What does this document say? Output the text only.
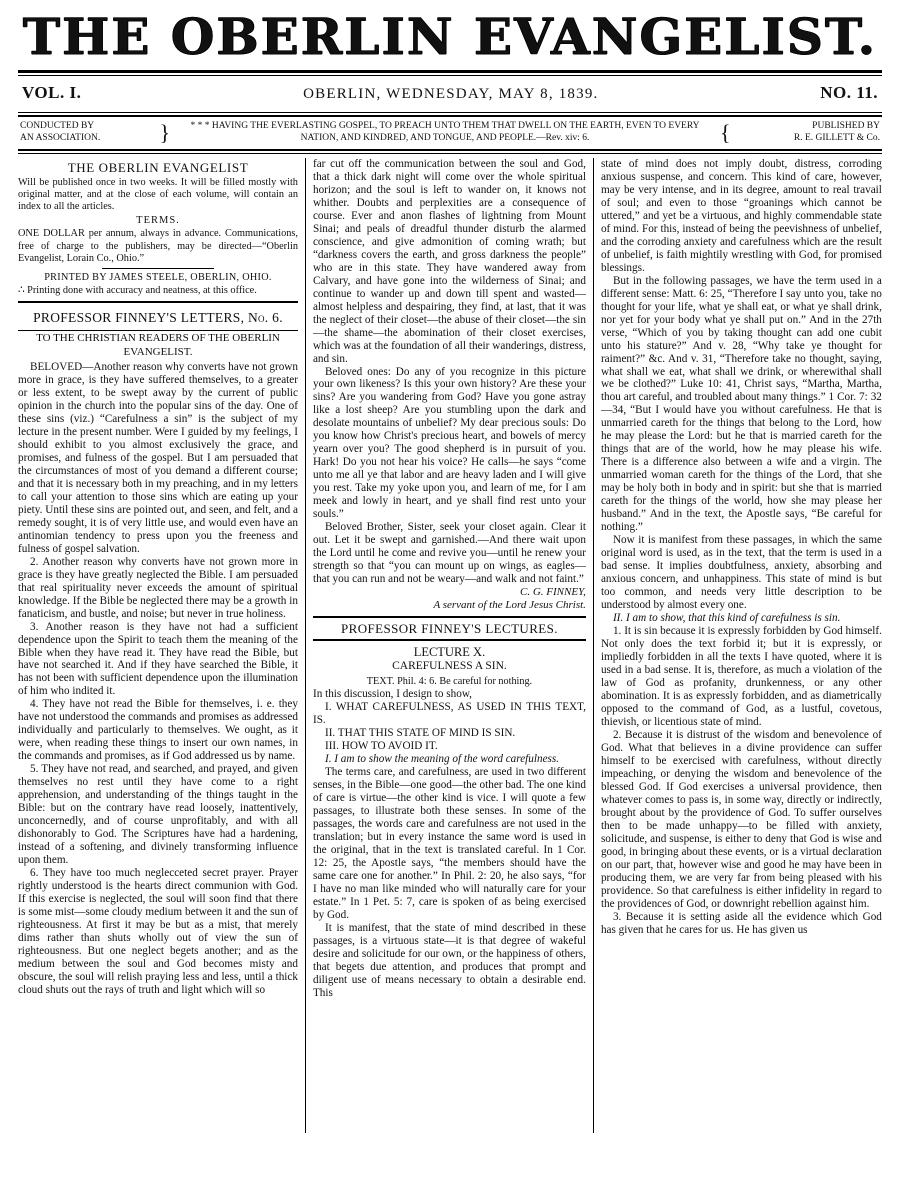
THE OBERLIN EVANGELIST.
VOL. I.	OBERLIN, WEDNESDAY, MAY 8, 1839.	NO. 11.
CONDUCTED BY
AN ASSOCIATION.	}	* * * HAVING THE EVERLASTING GOSPEL, TO PREACH UNTO THEM THAT DWELL ON THE EARTH, EVEN TO EVERY
NATION, AND KINDRED, AND TONGUE, AND PEOPLE.—Rev. xiv: 6.	{	PUBLISHED BY
R. E. GILLETT & Co.
THE OBERLIN EVANGELIST
Will be published once in two weeks. It will be filled mostly with original matter, and at the close of each volume, will contain an index to all the articles.
TERMS.
ONE DOLLAR per annum, always in advance. Communications, free of charge to the publishers, may be directed—“Oberlin Evangelist, Lorain Co., Ohio.”
PRINTED BY JAMES STEELE, OBERLIN, OHIO.
∴ Printing done with accuracy and neatness, at this office.
PROFESSOR FINNEY'S LETTERS, No. 6.
TO THE CHRISTIAN READERS OF THE OBERLIN
EVANGELIST.

BELOVED—Another reason why converts have not grown more in grace, is they have suffered themselves, to a greater or less extent, to be swept away by the current of public opinion in the church into the popular sins of the day. One of these sins (viz.) “Carefulness a sin” is the subject of my lecture in the present number. Were I guided by my feelings, I should exhibit to you almost exclusively the grace, and promises, and fulness of the gospel. But I am persuaded that the circumstances of most of you demand a different course; and that it is necessary both in my preaching, and in my letters to call your attention to those sins which are eating up your piety. Until these sins are pointed out, and seen, and felt, and a remedy sought, it is of very little use, and would even have an antinomian tendency to press upon you the freeness and fulness of gospel salvation.

2. Another reason why converts have not grown more in grace is they have greatly neglected the Bible. I am persuaded that real spirituality never exceeds the amount of spiritual knowledge. If the Bible be neglected there may be a growth in fanaticism, and bustle, and noise; but never in true holiness.

3. Another reason is they have not had a sufficient dependence upon the Spirit to teach them the meaning of the Bible when they have read it. They have read the Bible, but have not searched it. And if they have searched the Bible, it has not been with sufficient dependence upon the illumination of him who indited it.

4. They have not read the Bible for themselves, i. e. they have not understood the commands and promises as addressed individually and particularly to themselves. We ought, as it were, when reading these things to insert our own names, in the commands and promises, as if God addressed us by name.

5. They have not read, and searched, and prayed, and given themselves no rest until they have come to a right apprehension, and understanding of the things taught in the Bible: but on the contrary have read loosely, inattentively, unconcernedly, and of course unprofitably, and with all dishonorably to God. The Scriptures have had a hardening, instead of a softening, and divinely transforming influence upon them.

6. They have too much neglecceted secret prayer. Prayer rightly understood is the hearts direct communion with God. If this exercise is neglected, the soul will soon find that there is some mist—some cloudy medium between it and the sun of righteousness. At first it may be but as a mist, that merely dims rather than shuts wholly out of view the sun of righteousness. But one neglect begets another; and as the medium between the soul and God becomes misty and obscure, the soul will relish praying less and less, until a thick cloud shuts out the rays of truth and light which will so

far cut off the communication between the soul and God, that a thick dark night will come over the whole spiritual horizon; and the soul is left to wander on, it knows not whither. Doubts and perplexities are a consequence of course. Ever and anon flashes of lightning from Mount Sinai; and peals of dreadful thunder disturb the alarmed conscience, and give admonition of coming wrath; but “darkness covers the earth, and gross darkness the people” who are in this state. They have wandered away from Calvary, and have gone into the wilderness of Sinai; and continue to wander up and down till spent and wasted—almost helpless and despairing, they find, at last, that it was the neglect of their closet—the abuse of their closet—the sin—the shame—the abomination of their closet exercises, which was at the foundation of all their wanderings, distress, and sin.

Beloved ones: Do any of you recognize in this picture your own likeness? Is this your own history? Are these your sins? Are you wandering from God? Have you gone astray like a lost sheep? Are you stumbling upon the dark and desolate mountains of unbelief? My dear precious souls: Do you know how Christ's precious heart, and bowels of mercy yearn over you? The good shepherd is in pursuit of you. Hark! Do you not hear his voice? He calls—he says “come unto me all ye that labor and are heavy laden and I will give you rest. Take my yoke upon you, and learn of me, for I am meek and lowly in heart, and ye shall find rest unto your souls.”

Beloved Brother, Sister, seek your closet again. Clear it out. Let it be swept and garnished.—And there wait upon the Lord until he come and revive you—until he renew your strength so that “you can mount up on wings, as eagles—that you can run and not be weary—and walk and not faint.”

C. G. FINNEY,

A servant of the Lord Jesus Christ.

PROFESSOR FINNEY'S LECTURES.
LECTURE X.
CAREFULNESS A SIN.
TEXT. Phil. 4: 6. Be careful for nothing.

In this discussion, I design to show,

I. WHAT CAREFULNESS, AS USED IN THIS TEXT, IS.

II. THAT THIS STATE OF MIND IS SIN.

III. HOW TO AVOID IT.

I. I am to show the meaning of the word carefulness.

The terms care, and carefulness, are used in two different senses, in the Bible—one good—the other bad. The one kind of care is virtue—the other kind is vice. I will quote a few passages, to illustrate both these senses. In some of the passages, the words care and carefulness are not used in the translation; but in every instance the same word is used in the original, that in the text is translated careful. In 1 Cor. 12: 25, the Apostle says, “the members should have the same care one for another.” In Phil. 2: 20, he also says, “for I have no man like minded who will naturally care for your estate.” In 1 Pet. 5: 7, care is spoken of as being exercised by God.

It is manifest, that the state of mind described in these passages, is a virtuous state—it is that degree of wakeful desire and solicitude for our own, or the happiness of others, that begets due attention, and produces that prompt and diligent use of means necessary to obtain a desirable end. This

state of mind does not imply doubt, distress, corroding anxious suspense, and concern. This kind of care, however, may be very intense, and in its degree, amount to real travail of soul; and even to those “groanings which cannot be uttered,” and yet be a virtuous, and highly commendable state of mind. For this, instead of being the peevishness of unbelief, and the corroding anxiety and carefulness which are the result of unbelief, is faith mightily wrestling with God, for promised blessings.

But in the following passages, we have the term used in a different sense: Matt. 6: 25, “Therefore I say unto you, take no thought for your life, what ye shall eat, or what ye shall drink, nor yet for your body what ye shall put on.” And in the 27th verse, “Which of you by taking thought can add one cubit unto his stature?” And v. 28, “Why take ye thought for raiment?” &c. And v. 31, “Therefore take no thought, saying, what shall we eat, what shall we drink, or wherewithal shall we be clothed?” Luke 10: 41, Christ says, “Martha, Martha, thou art careful, and troubled about many things.” 1 Cor. 7: 32—34, “But I would have you without carefulness. He that is unmarried careth for the things that belong to the Lord, how he may please the Lord: but he that is married careth for the things that are of the world, how he may please his wife. There is a difference also between a wife and a virgin. The unmarried woman careth for the things of the Lord, that she may be holy both in body and in spirit: but she that is married careth for the things of the world, how she may please her husband.” And in the text, the Apostle says, “Be careful for nothing.”

Now it is manifest from these passages, in which the same original word is used, as in the text, that the term is used in a bad sense. It implies doubtfulness, anxiety, absorbing and anxious concern, and unhappiness. This state of mind is but too common, and needs very little description to be understood by almost every one.

II. I am to show, that this kind of carefulness is sin.

1. It is sin because it is expressly forbidden by God himself. Not only does the text forbid it; but it is expressly, or impliedly forbidden in all the texts I have quoted, where it is used in a bad sense. It is, therefore, as much a violation of the law of God as profanity, drunkenness, or any other abomination. It is as expressly forbidden, and as diametrically opposed to the command of God, as a lustful, covetous, thievish, or licentious state of mind.

2. Because it is distrust of the wisdom and benevolence of God. What that believes in a divine providence can suffer himself to be exercised with carefulness, without directly impeaching, or denying the wisdom and benevolence of the blessed God. If God exercises a universal providence, then whatever comes to pass is, in some way, directly or indirectly, brought about by the providence of God. To suffer ourselves then to be made unhappy—to be filled with anxiety, solicitude, and suspense, is either to deny that God is wise and good, in bringing about these events, or is a virtual declaration on our part, that, however wise and good he may have been in producing them, we are very far from being pleased with his providence. So that carefulness is either infidelity in regard to the providences of God, or downright rebellion against him.

3. Because it is setting aside all the evidence which God has given that he cares for us. He has given us
